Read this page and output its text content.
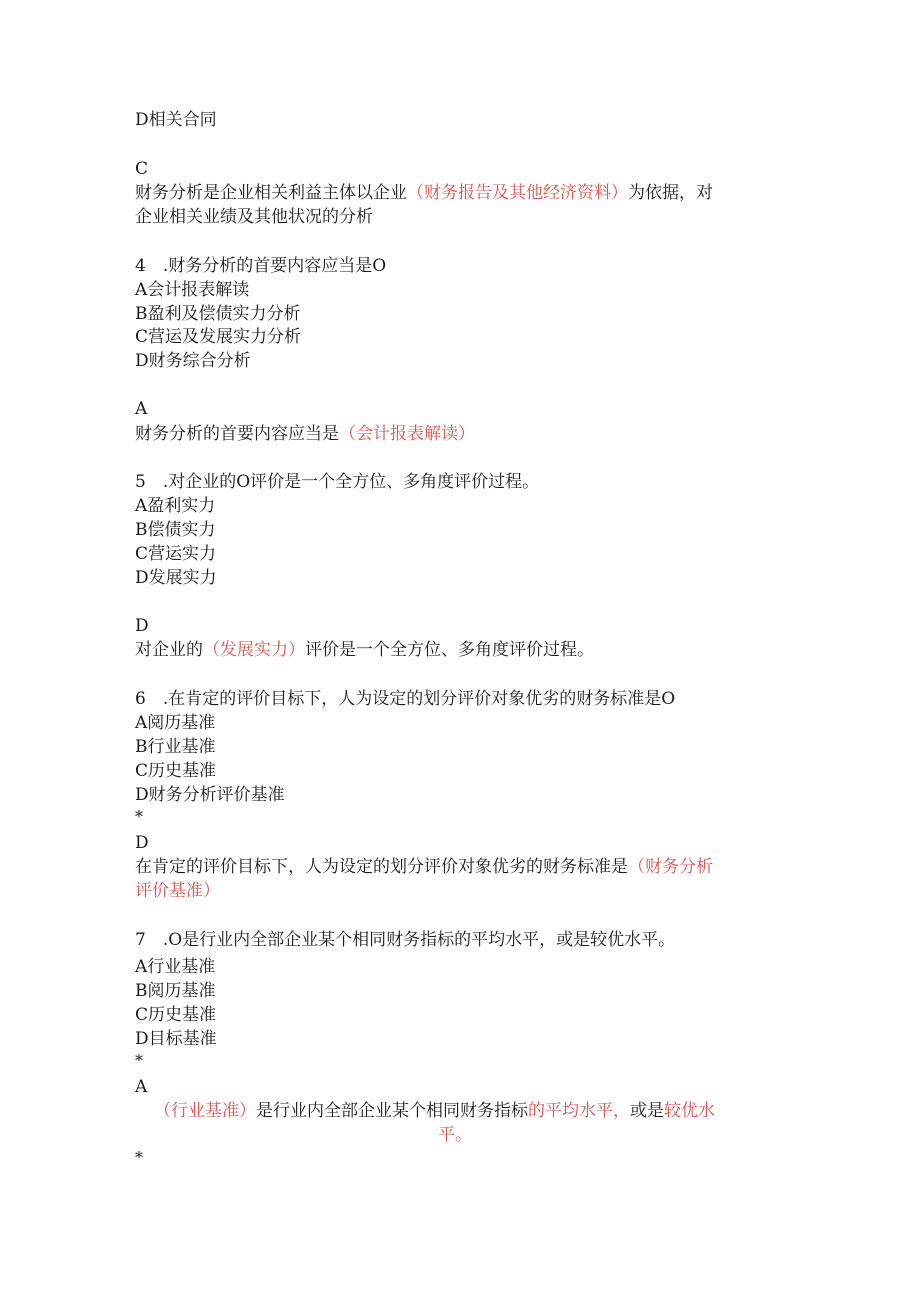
D相关合同
C
财务分析是企业相关利益主体以企业（财务报告及其他经济资料）为依据，对
企业相关业绩及其他状况的分析
4　.财务分析的首要内容应当是O
A会计报表解读
B盈利及偿债实力分析
C营运及发展实力分析
D财务综合分析
A
财务分析的首要内容应当是（会计报表解读）
5　.对企业的O评价是一个全方位、多角度评价过程。
A盈利实力
B偿债实力
C营运实力
D发展实力
D
对企业的（发展实力）评价是一个全方位、多角度评价过程。
6　.在肯定的评价目标下，人为设定的划分评价对象优劣的财务标准是O
A阅历基准
B行业基准
C历史基准
D财务分析评价基准
*
D
在肯定的评价目标下，人为设定的划分评价对象优劣的财务标准是（财务分析
评价基准）
7　.O是行业内全部企业某个相同财务指标的平均水平，或是较优水平。
A行业基准
B阅历基准
C历史基准
D目标基准
*
A
（行业基准）是行业内全部企业某个相同财务指标的平均水平，或是较优水
平。
*
